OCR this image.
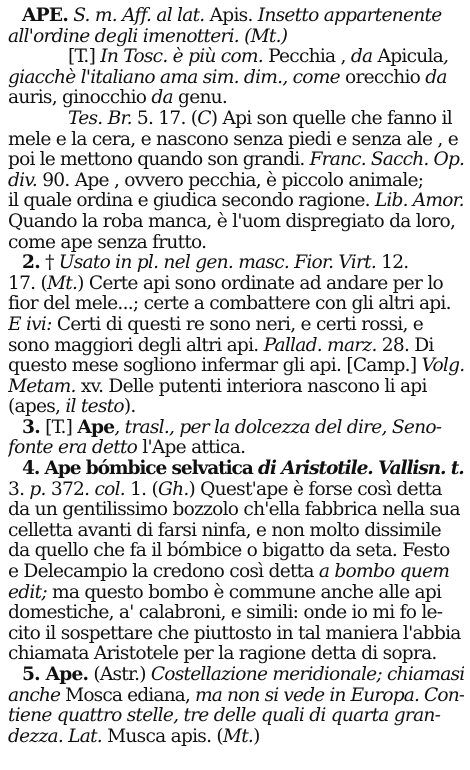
APE. S. m. Aff. al lat. Apis. Insetto appartenente
all'ordine degli imenotteri. (Mt.)
[T.] In Tosc. è più com. Pecchia , da Apicula,
giacchè l'italiano ama sim. dim., come orecchio da
auris, ginocchio da genu.
Tes. Br. 5. 17. (C) Api son quelle che fanno il
mele e la cera, e nascono senza piedi e senza ale , e
poi le mettono quando son grandi. Franc. Sacch. Op.
div. 90. Ape , ovvero pecchia, è piccolo animale;
il quale ordina e giudica secondo ragione. Lib. Amor.
Quando la roba manca, è l'uom dispregiato da loro,
come ape senza frutto.
2. † Usato in pl. nel gen. masc. Fior. Virt. 12.
17. (Mt.) Certe api sono ordinate ad andare per lo
fior del mele...; certe a combattere con gli altri api.
E ivi: Certi di questi re sono neri, e certi rossi, e
sono maggiori degli altri api. Pallad. marz. 28. Di
questo mese sogliono infermar gli api. [Camp.] Volg.
Metam. xv. Delle putenti interiora nascono li api
(apes, il testo).
3. [T.] Ape, trasl., per la dolcezza del dire, Seno-
fonte era detto l'Ape attica.
4. Ape bómbice selvatica di Aristotile. Vallisn. t.
3. p. 372. col. 1. (Gh.) Quest'ape è forse così detta
da un gentilissimo bozzolo ch'ella fabbrica nella sua
celletta avanti di farsi ninfa, e non molto dissimile
da quello che fa il bómbice o bigatto da seta. Festo
e Delecampio la credono così detta a bombo quem
edit; ma questo bombo è commune anche alle api
domestiche, a' calabroni, e simili: onde io mi fo le-
cito il sospettare che piuttosto in tal maniera l'abbia
chiamata Aristotele per la ragione detta di sopra.
5. Ape. (Astr.) Costellazione meridionale; chiamasi
anche Mosca ediana, ma non si vede in Europa. Con-
tiene quattro stelle, tre delle quali di quarta gran-
dezza. Lat. Musca apis. (Mt.)
